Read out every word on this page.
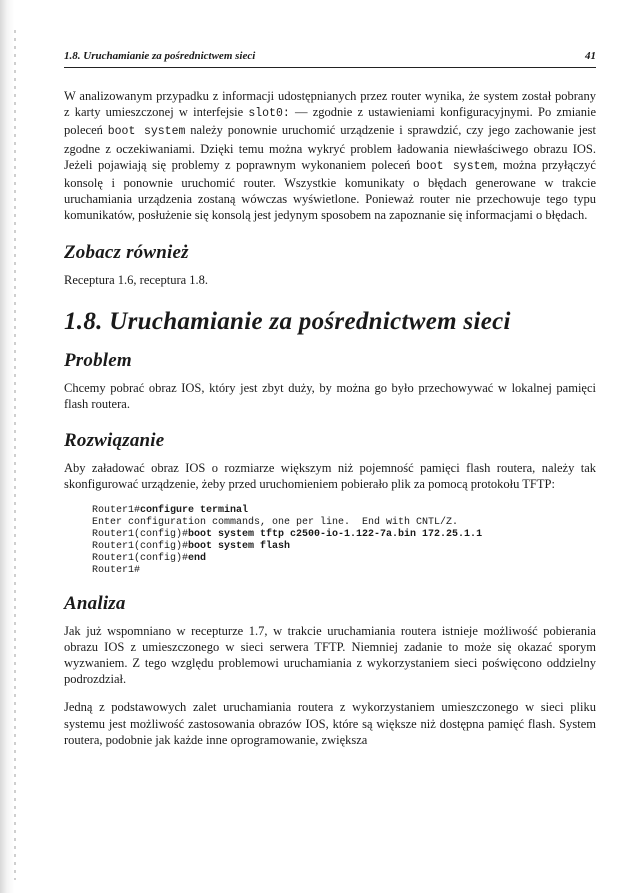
1.8. Uruchamianie za pośrednictwem sieci	41

W analizowanym przypadku z informacji udostępnianych przez router wynika, że system został pobrany z karty umieszczonej w interfejsie slot0: — zgodnie z ustawieniami konfiguracyjnymi. Po zmianie poleceń boot system należy ponownie uruchomić urządzenie i sprawdzić, czy jego zachowanie jest zgodne z oczekiwaniami. Dzięki temu można wykryć problem ładowania niewłaściwego obrazu IOS. Jeżeli pojawiają się problemy z poprawnym wykonaniem poleceń boot system, można przyłączyć konsolę i ponownie uruchomić router. Wszystkie komunikaty o błędach generowane w trakcie uruchamiania urządzenia zostaną wówczas wyświetlone. Ponieważ router nie przechowuje tego typu komunikatów, posłużenie się konsolą jest jedynym sposobem na zapoznanie się informacjami o błędach.

Zobacz również

Receptura 1.6, receptura 1.8.

1.8. Uruchamianie za pośrednictwem sieci
Problem

Chcemy pobrać obraz IOS, który jest zbyt duży, by można go było przechowywać w lokalnej pamięci flash routera.

Rozwiązanie

Aby załadować obraz IOS o rozmiarze większym niż pojemność pamięci flash routera, należy tak skonfigurować urządzenie, żeby przed uruchomieniem pobierało plik za pomocą protokołu TFTP:

Router1#configure terminal
Enter configuration commands, one per line.  End with CNTL/Z.
Router1(config)#boot system tftp c2500-io-1.122-7a.bin 172.25.1.1
Router1(config)#boot system flash
Router1(config)#end
Router1#
Analiza

Jak już wspomniano w recepturze 1.7, w trakcie uruchamiania routera istnieje możliwość pobierania obrazu IOS z umieszczonego w sieci serwera TFTP. Niemniej zadanie to może się okazać sporym wyzwaniem. Z tego względu problemowi uruchamiania z wykorzystaniem sieci poświęcono oddzielny podrozdział.

Jedną z podstawowych zalet uruchamiania routera z wykorzystaniem umieszczonego w sieci pliku systemu jest możliwość zastosowania obrazów IOS, które są większe niż dostępna pamięć flash. System routera, podobnie jak każde inne oprogramowanie, zwiększa
